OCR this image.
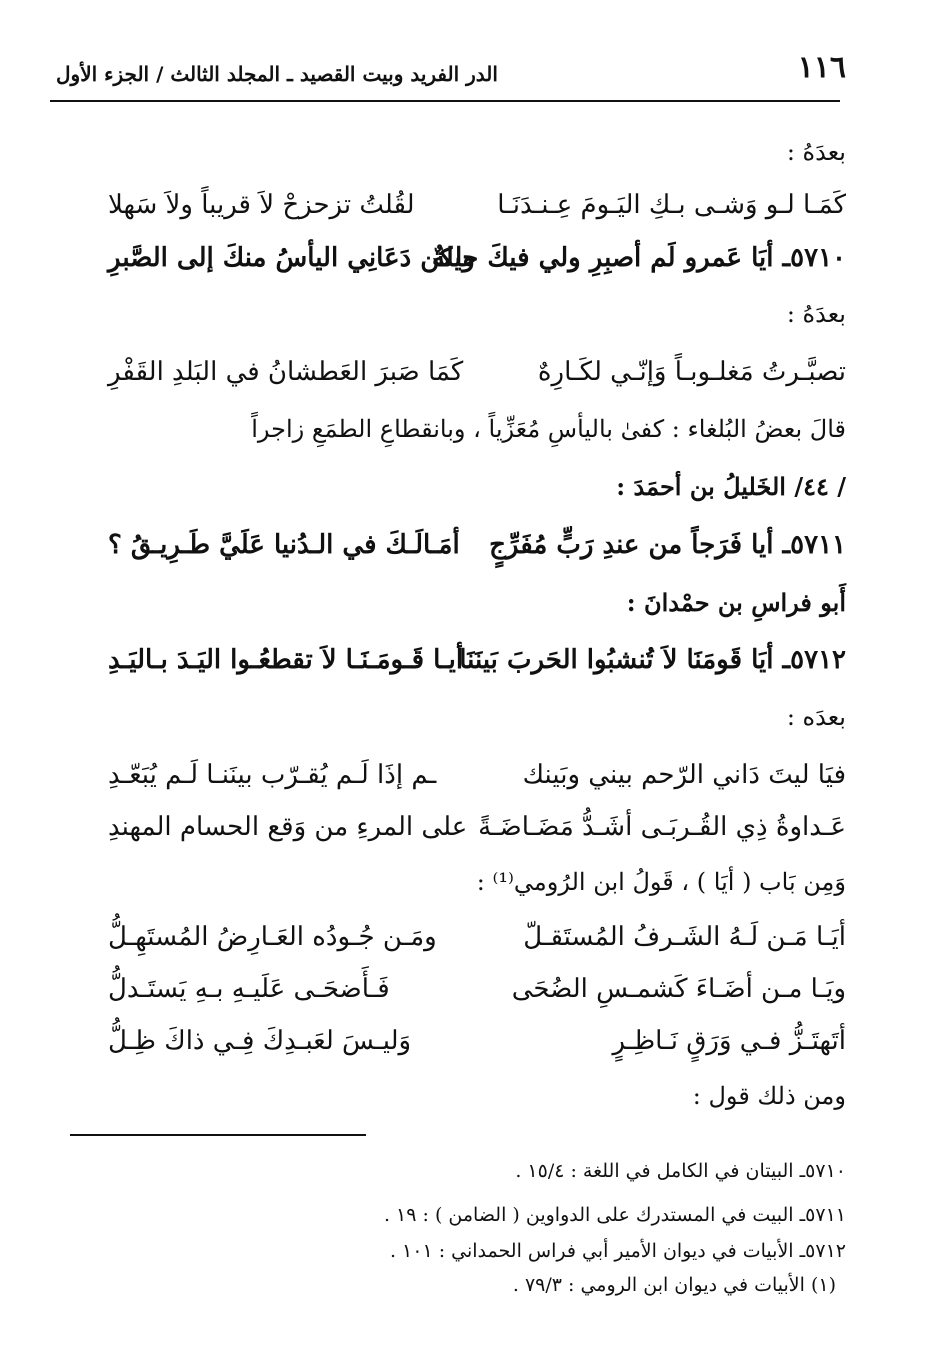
١١٦
الدر الفريد وبيت القصيد ـ المجلد الثالث / الجزء الأول
بعدَهُ :
كَمَـا لـو وَشـى بـكِ اليَـومَ عِـنـدَنَـا
لقُلتُ تزحزحْ لاَ قريباً ولاَ سَهلا
٥٧١٠ـ أيَا عَمرو لَم أصبِرِ ولي فيكَ حيلةٌ
ولكن دَعَانِي اليأسُ منكَ إلى الصَّبرِ
بعدَهُ :
تصبَّـرتُ مَغلـوبـاً وَإنّـي لكَـارِهٌ
كَمَا صَبرَ العَطشانُ في البَلدِ القَفْرِ
قالَ بعضُ البُلغاء : كفىٰ باليأسِ مُعَزِّياً ، وبانقطاعِ الطمَعِ زاجراً
/ ٤٤/ الخَليلُ بن أحمَدَ :
٥٧١١ـ أيا فَرَجاً من عندِ رَبٍّ مُفَرِّجٍ
أمَـالَـكَ في الـدُنيا عَلَيَّ طَـرِيـقُ ؟
أَبو فراسِ بن حمْدانَ :
٥٧١٢ـ أيَا قَومَنَا لاَ تُنشبُوا الحَربَ بَينَنَا
أيـا قَـومَـنَـا لاَ تقطعُـوا اليَـدَ بـاليَـدِ
بعدَه :
فيَا ليتَ دَاني الرّحم بيني وبَينك
ـم إذَا لَـم يُقـرّب بينَنـا لَـم يُبَعّـدِ
عَـداوةُ ذِي القُـربَـى أشَـدُّ مَضَـاضَـةً
على المرءِ من وَقع الحسام المهندِ
وَمِن بَاب ( أيَا ) ، قَولُ ابن الرُومي⁽¹⁾ :
أيَـا مَـن لَـهُ الشَـرفُ المُستَقـلّ
ومَـن جُـودُه العَـارِضُ المُستَهِـلُّ
ويَـا مـن أضَـاءَ كَشمـسِ الضُحَى
فَـأَضحَـى عَلَيـهِ بـهِ يَستَـدلُّ
أتَهتَـزُّ فـي وَرَقٍ نَـاظِـرٍ
وَليـسَ لعَبـدِكَ فِـي ذاكَ ظِـلُّ
ومن ذلك قول :
٥٧١٠ـ البيتان في الكامل في اللغة : ١٥/٤ .
٥٧١١ـ البيت في المستدرك على الدواوين ( الضامن ) : ١٩ .
٥٧١٢ـ الأبيات في ديوان الأمير أبي فراس الحمداني : ١٠١ .
(١) الأبيات في ديوان ابن الرومي : ٧٩/٣ .
